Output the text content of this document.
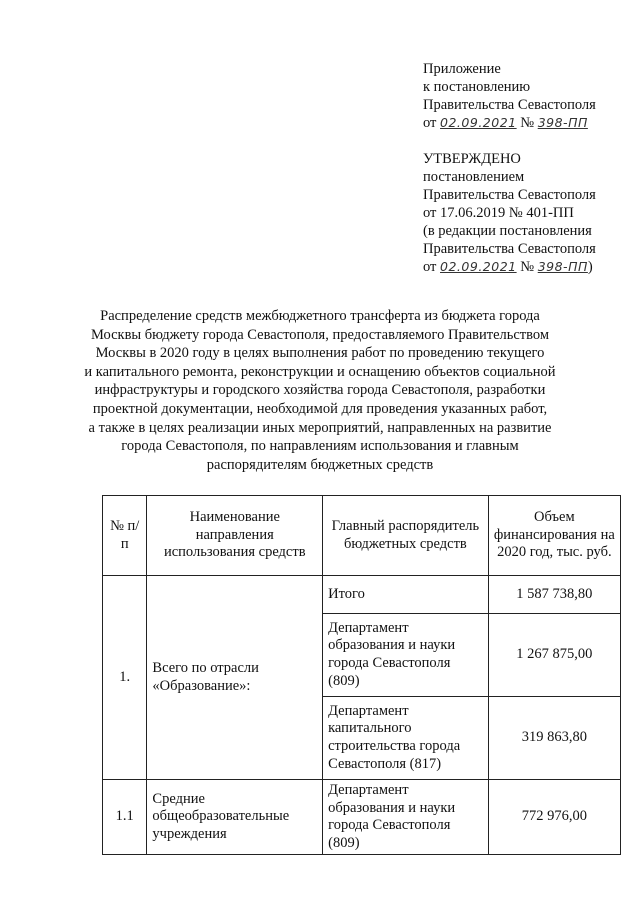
Приложение
к постановлению
Правительства Севастополя
от 02.09.2021 № 398-ПП
УТВЕРЖДЕНО
постановлением
Правительства Севастополя
от 17.06.2019 № 401-ПП
(в редакции постановления
Правительства Севастополя
от 02.09.2021 № 398-ПП)
Распределение средств межбюджетного трансферта из бюджета города
Москвы бюджету города Севастополя, предоставляемого Правительством
Москвы в 2020 году в целях выполнения работ по проведению текущего
и капитального ремонта, реконструкции и оснащению объектов социальной
инфраструктуры и городского хозяйства города Севастополя, разработки
проектной документации, необходимой для проведения указанных работ,
а также в целях реализации иных мероприятий, направленных на развитие
города Севастополя, по направлениям использования и главным
распорядителям бюджетных средств
№ п/п	Наименование направления использования средств	Главный распорядитель бюджетных средств	Объем финансирования на 2020 год, тыс. руб.
1.	Всего по отрасли «Образование»:	Итого	1 587 738,80
		Департамент образования и науки города Севастополя (809)	1 267 875,00
		Департамент капитального строительства города Севастополя (817)	319 863,80
1.1	Средние общеобразовательные учреждения	Департамент образования и науки города Севастополя (809)	772 976,00
